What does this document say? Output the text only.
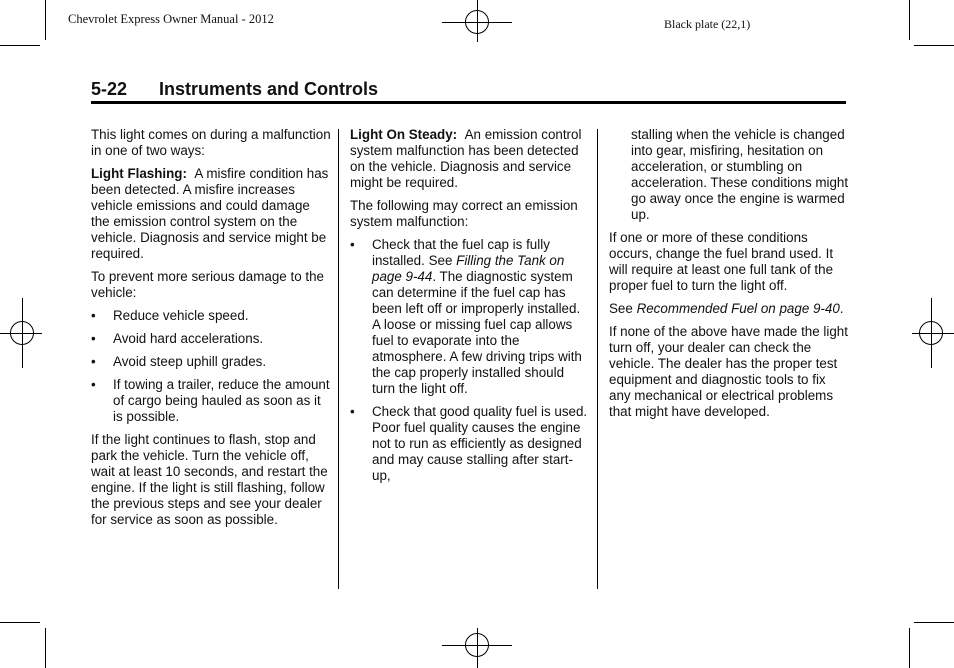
Chevrolet Express Owner Manual - 2012	Black plate (22,1)
5-22 Instruments and Controls

This light comes on during a malfunction in one of two ways:

Light Flashing: A misfire condition has been detected. A misfire increases vehicle emissions and could damage the emission control system on the vehicle. Diagnosis and service might be required.

To prevent more serious damage to the vehicle:

• Reduce vehicle speed.
• Avoid hard accelerations.
• Avoid steep uphill grades.
• If towing a trailer, reduce the amount of cargo being hauled as soon as it is possible.

If the light continues to flash, stop and park the vehicle. Turn the vehicle off, wait at least 10 seconds, and restart the engine. If the light is still flashing, follow the previous steps and see your dealer for service as soon as possible.

Light On Steady: An emission control system malfunction has been detected on the vehicle. Diagnosis and service might be required.

The following may correct an emission system malfunction:

• Check that the fuel cap is fully installed. See Filling the Tank on page 9-44. The diagnostic system can determine if the fuel cap has been left off or improperly installed. A loose or missing fuel cap allows fuel to evaporate into the atmosphere. A few driving trips with the cap properly installed should turn the light off.
• Check that good quality fuel is used. Poor fuel quality causes the engine not to run as efficiently as designed and may cause stalling after start-up,
stalling when the vehicle is changed into gear, misfiring, hesitation on acceleration, or stumbling on acceleration. These conditions might go away once the engine is warmed up.

If one or more of these conditions occurs, change the fuel brand used. It will require at least one full tank of the proper fuel to turn the light off.

See Recommended Fuel on page 9-40.

If none of the above have made the light turn off, your dealer can check the vehicle. The dealer has the proper test equipment and diagnostic tools to fix any mechanical or electrical problems that might have developed.
